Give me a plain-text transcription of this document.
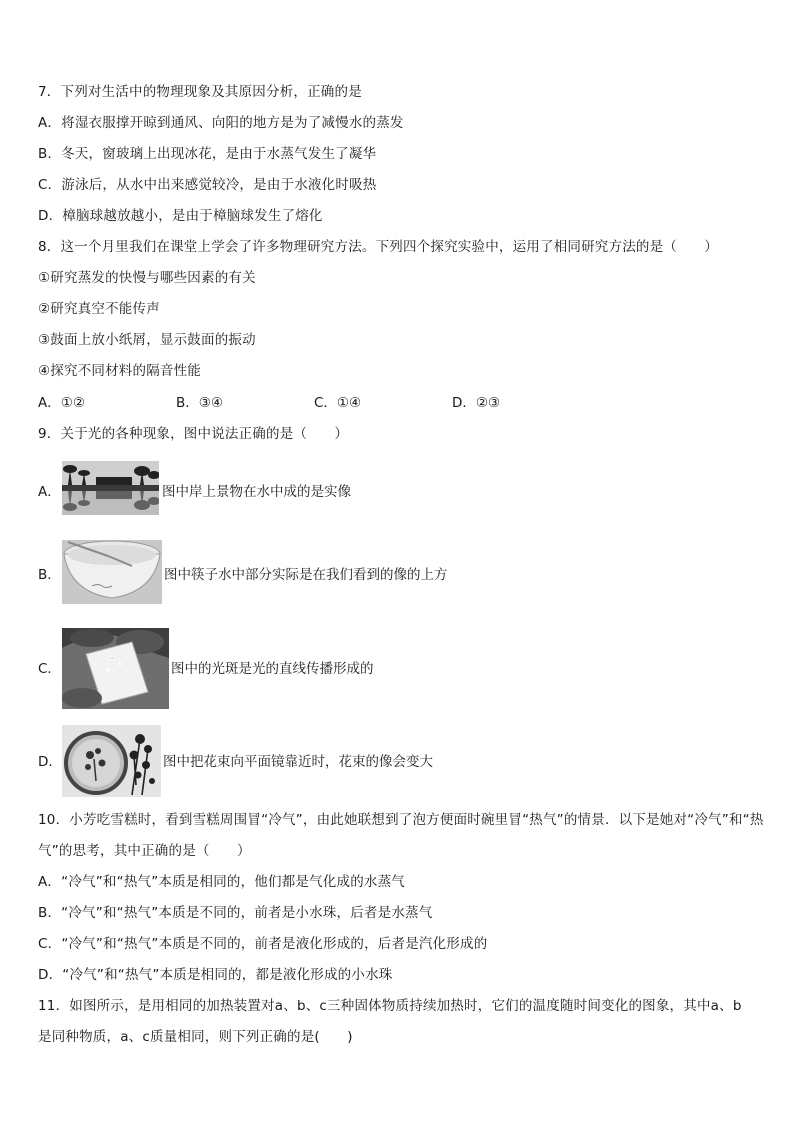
7．下列对生活中的物理现象及其原因分析，正确的是
A．将湿衣服撑开晾到通风、向阳的地方是为了减慢水的蒸发
B．冬天，窗玻璃上出现冰花，是由于水蒸气发生了凝华
C．游泳后，从水中出来感觉较冷，是由于水液化时吸热
D．樟脑球越放越小，是由于樟脑球发生了熔化
8．这一个月里我们在课堂上学会了许多物理研究方法。下列四个探究实验中，运用了相同研究方法的是（　　）
①研究蒸发的快慢与哪些因素的有关
②研究真空不能传声
③鼓面上放小纸屑，显示鼓面的振动
④探究不同材料的隔音性能
A．①②	B．③④	C．①④	D．②③
9．关于光的各种现象，图中说法正确的是（　　）
A．	图中岸上景物在水中成的是实像
B．	图中筷子水中部分实际是在我们看到的像的上方
C．	图中的光斑是光的直线传播形成的
D．	图中把花束向平面镜靠近时，花束的像会变大
10．小芳吃雪糕时，看到雪糕周围冒“冷气”，由此她联想到了泡方便面时碗里冒“热气”的情景．以下是她对“冷气”和“热
气”的思考，其中正确的是（　　）
A．“冷气”和“热气”本质是相同的，他们都是气化成的水蒸气
B．“冷气”和“热气”本质是不同的，前者是小水珠，后者是水蒸气
C．“冷气”和“热气”本质是不同的，前者是液化形成的，后者是汽化形成的
D．“冷气”和“热气”本质是相同的，都是液化形成的小水珠
11．如图所示，是用相同的加热装置对a、b、c三种固体物质持续加热时，它们的温度随时间变化的图象，其中a、b
是同种物质，a、c质量相同，则下列正确的是(　　)
